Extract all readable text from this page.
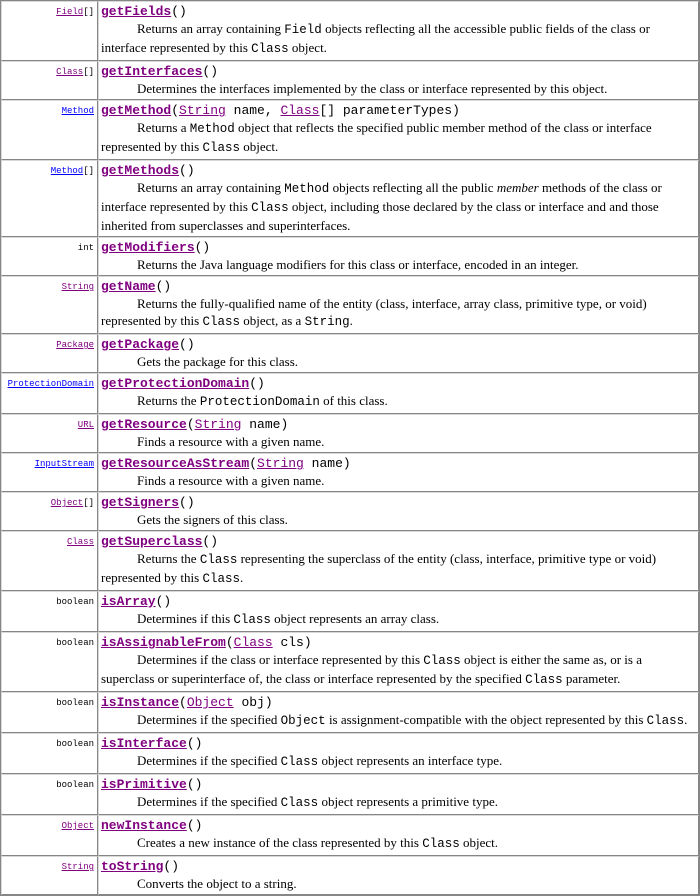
Field[]	getFields()
Returns an array containing Field objects reflecting all the accessible public fields of the class or interface represented by this Class object.

Class[]	getInterfaces()
Determines the interfaces implemented by the class or interface represented by this object.

Method	getMethod(String name, Class[] parameterTypes)
Returns a Method object that reflects the specified public member method of the class or interface represented by this Class object.

Method[]	getMethods()
Returns an array containing Method objects reflecting all the public member methods of the class or interface represented by this Class object, including those declared by the class or interface and and those inherited from superclasses and superinterfaces.

int	getModifiers()
Returns the Java language modifiers for this class or interface, encoded in an integer.

String	getName()
Returns the fully-qualified name of the entity (class, interface, array class, primitive type, or void) represented by this Class object, as a String.

Package	getPackage()
Gets the package for this class.

ProtectionDomain	getProtectionDomain()
Returns the ProtectionDomain of this class.

URL	getResource(String name)
Finds a resource with a given name.

InputStream	getResourceAsStream(String name)
Finds a resource with a given name.

Object[]	getSigners()
Gets the signers of this class.

Class	getSuperclass()
Returns the Class representing the superclass of the entity (class, interface, primitive type or void) represented by this Class.

boolean	isArray()
Determines if this Class object represents an array class.

boolean	isAssignableFrom(Class cls)
Determines if the class or interface represented by this Class object is either the same as, or is a superclass or superinterface of, the class or interface represented by the specified Class parameter.

boolean	isInstance(Object obj)
Determines if the specified Object is assignment-compatible with the object represented by this Class.

boolean	isInterface()
Determines if the specified Class object represents an interface type.

boolean	isPrimitive()
Determines if the specified Class object represents a primitive type.

Object	newInstance()
Creates a new instance of the class represented by this Class object.

String	toString()
Converts the object to a string.
